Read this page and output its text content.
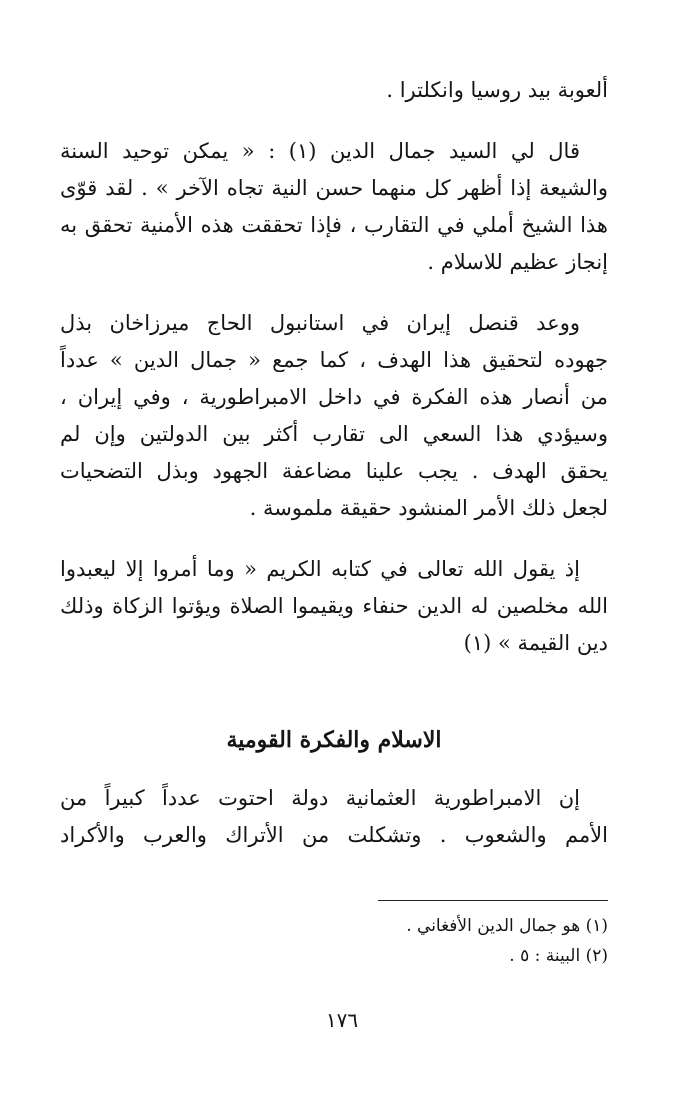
ألعوبة بيد روسيا وانكلترا .
قال لي السيد جمال الدين (١) : « يمكن توحيد السنة
والشيعة إذا أظهر كل منهما حسن النية تجاه الآخر » . لقد قوّى
هذا الشيخ أملي في التقارب ، فإذا تحققت هذه الأمنية تحقق به
إنجاز عظيم للاسلام .
ووعد قنصل إيران في استانبول الحاج ميرزاخان بذل
جهوده لتحقيق هذا الهدف ، كما جمع « جمال الدين » عدداً
من أنصار هذه الفكرة في داخل الامبراطورية ، وفي إيران ،
وسيؤدي هذا السعي الى تقارب أكثر بين الدولتين وإن لم
يحقق الهدف . يجب علينا مضاعفة الجهود وبذل التضحيات
لجعل ذلك الأمر المنشود حقيقة ملموسة .
إذ يقول الله تعالى في كتابه الكريم « وما أمروا إلا ليعبدوا
الله مخلصين له الدين حنفاء ويقيموا الصلاة ويؤتوا الزكاة وذلك
دين القيمة » (١)
الاسلام والفكرة القومية
إن الامبراطورية العثمانية دولة احتوت عدداً كبيراً من
الأمم والشعوب . وتشكلت من الأتراك والعرب والأكراد
(١) هو جمال الدين الأفغاني .
(٢) البينة : ٥ .
١٧٦
